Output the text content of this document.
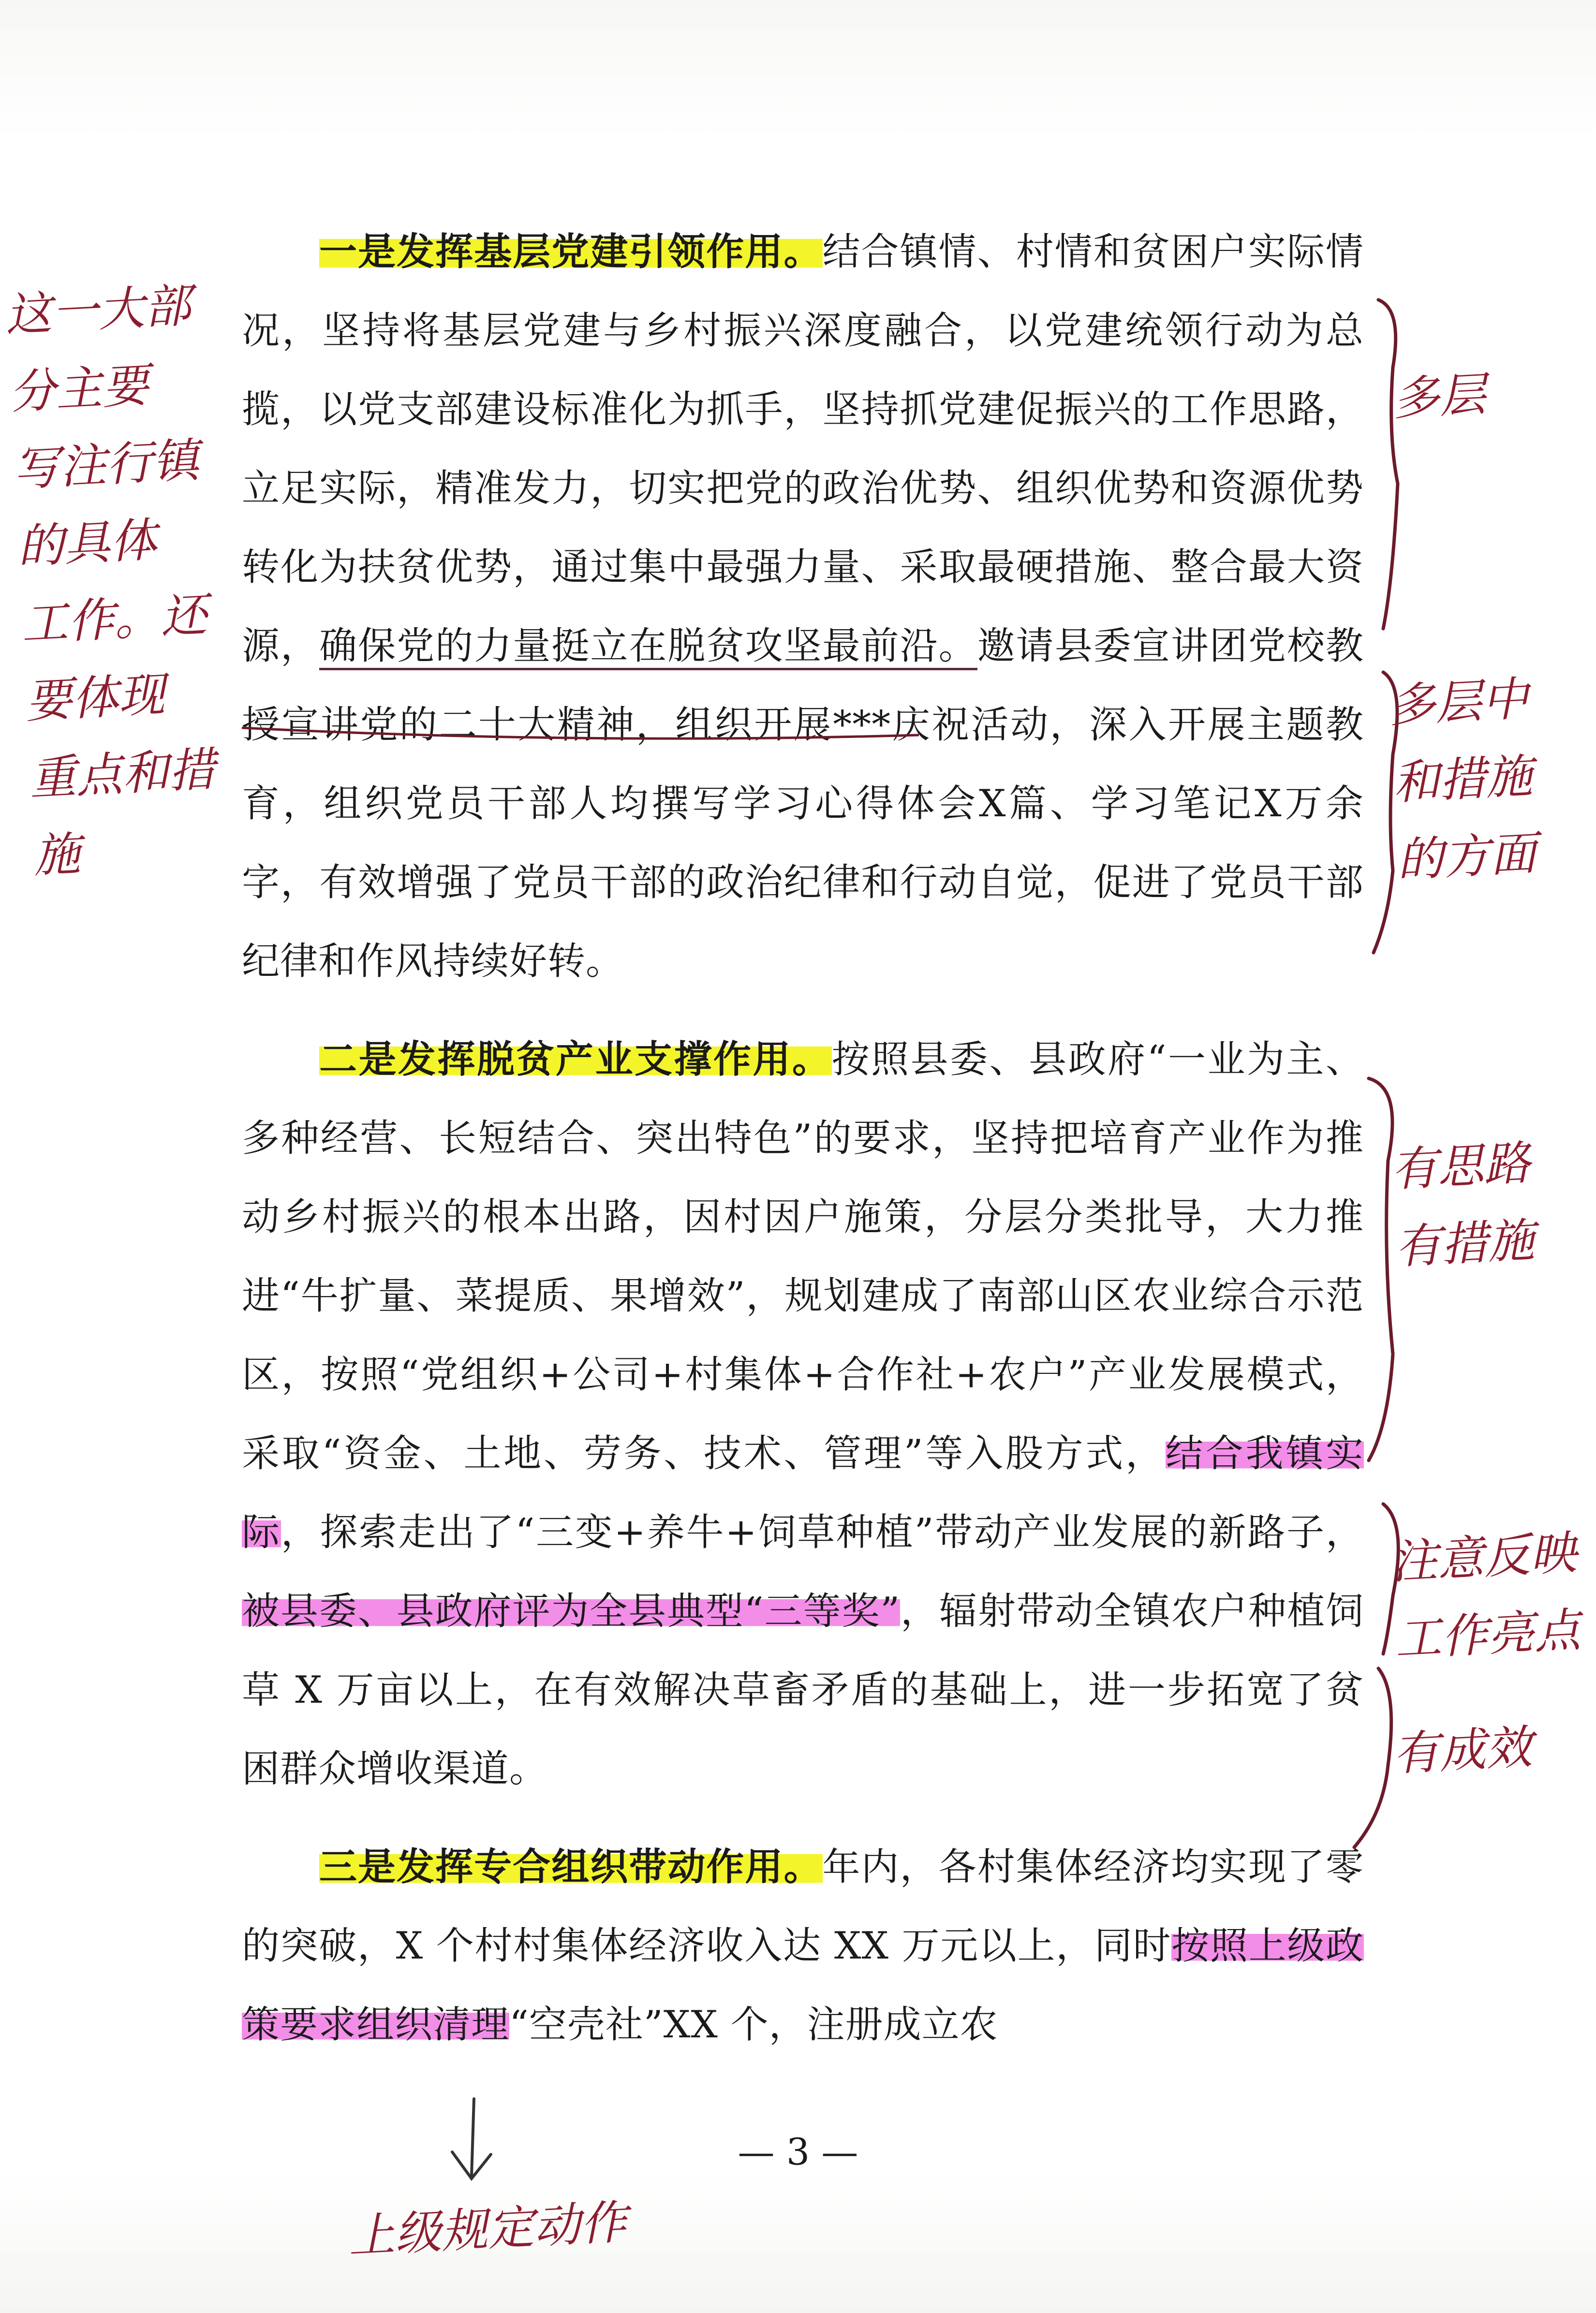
一是发挥基层党建引领作用。结合镇情、村情和贫困户实际情况，坚持将基层党建与乡村振兴深度融合，以党建统领行动为总揽，以党支部建设标准化为抓手，坚持抓党建促振兴的工作思路，立足实际，精准发力，切实把党的政治优势、组织优势和资源优势转化为扶贫优势，通过集中最强力量、采取最硬措施、整合最大资源，确保党的力量挺立在脱贫攻坚最前沿。邀请县委宣讲团党校教授宣讲党的二十大精神，组织开展***庆祝活动，深入开展主题教育，组织党员干部人均撰写学习心得体会X篇、学习笔记X万余字，有效增强了党员干部的政治纪律和行动自觉，促进了党员干部纪律和作风持续好转。

二是发挥脱贫产业支撑作用。按照县委、县政府“一业为主、多种经营、长短结合、突出特色”的要求，坚持把培育产业作为推动乡村振兴的根本出路，因村因户施策，分层分类批导，大力推进“牛扩量、菜提质、果增效”，规划建成了南部山区农业综合示范区，按照“党组织+公司+村集体+合作社+农户”产业发展模式，采取“资金、土地、劳务、技术、管理”等入股方式，结合我镇实际，探索走出了“三变+养牛+饲草种植”带动产业发展的新路子，被县委、县政府评为全县典型“三等奖”，辐射带动全镇农户种植饲草 X 万亩以上，在有效解决草畜矛盾的基础上，进一步拓宽了贫困群众增收渠道。

三是发挥专合组织带动作用。年内，各村集体经济均实现了零的突破，X 个村村集体经济收入达 XX 万元以上，同时按照上级政策要求组织清理“空壳社”XX 个，注册成立农

这一大部
分主要
写注行镇
的具体
工作。还
要体现
重点和措施
多层
多层中
和措施
的方面
有思路
有措施
注意反映
工作亮点
有成效
上级规定动作
— 3 —
